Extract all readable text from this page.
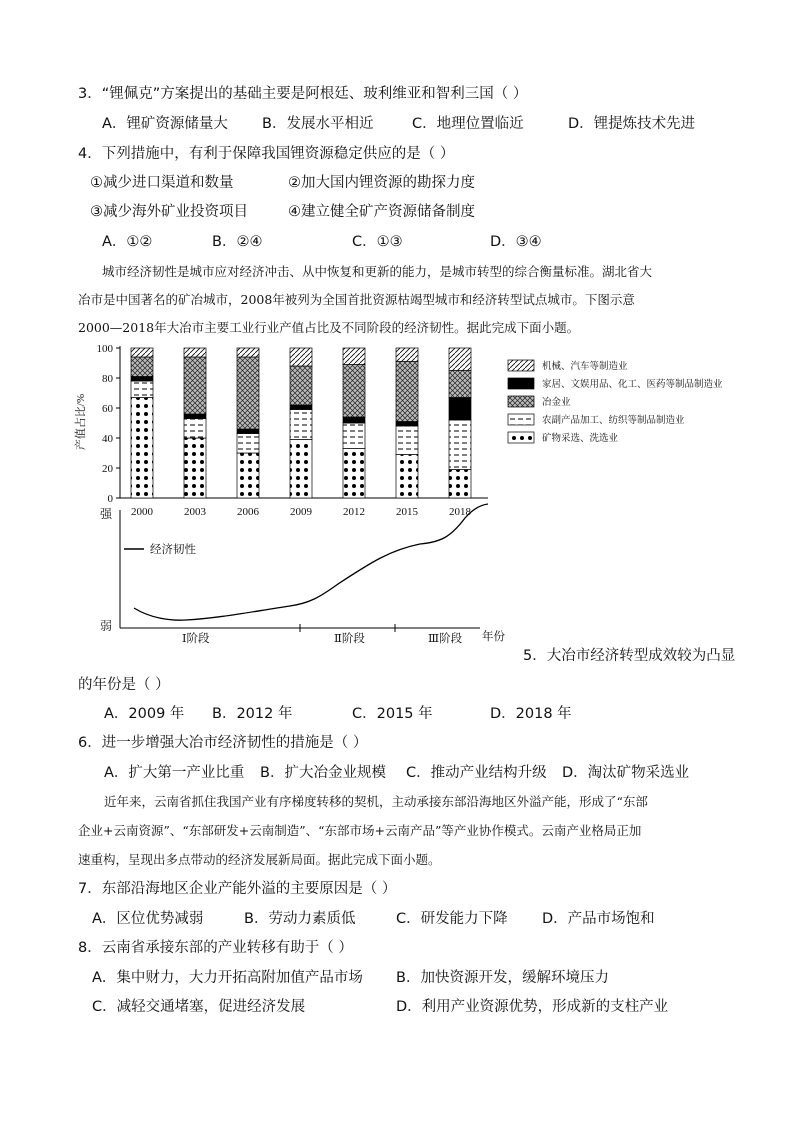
3．“锂佩克”方案提出的基础主要是阿根廷、玻利维亚和智利三国（ ）
A．锂矿资源储量大 B．发展水平相近	C．地理位置临近	D．锂提炼技术先进
4．下列措施中，有利于保障我国锂资源稳定供应的是（ ）
①减少进口渠道和数量	②加大国内锂资源的勘探力度
③减少海外矿业投资项目	④建立健全矿产资源储备制度
A．①②	B．②④	C．①③	D．③④
城市经济韧性是城市应对经济冲击、从中恢复和更新的能力，是城市转型的综合衡量标准。湖北省大
冶市是中国著名的矿冶城市，2008年被列为全国首批资源枯竭型城市和经济转型试点城市。下图示意
2000—2018年大冶市主要工业行业产值占比及不同阶段的经济韧性。据此完成下面小题。
0
20
40
60
80
100
产值占比/%
2000	2003	2006	2009	2012	2015	2018
机械、汽车等制造业
家居、文娱用品、化工、医药等制品制造业
冶金业
农副产品加工、纺织等制品制造业
矿物采选、洗选业
强
弱
经济韧性
Ⅰ阶段	Ⅱ阶段	Ⅲ阶段 年份
5．大冶市经济转型成效较为凸显
的年份是（ ）
A．2009 年 B．2012 年	C．2015 年	D．2018 年
6．进一步增强大冶市经济韧性的措施是（ ）
A．扩大第一产业比重 B．扩大冶金业规模 C．推动产业结构升级 D．淘汰矿物采选业
近年来，云南省抓住我国产业有序梯度转移的契机，主动承接东部沿海地区外溢产能，形成了“东部
企业+云南资源”、“东部研发+云南制造”、“东部市场+云南产品”等产业协作模式。云南产业格局正加
速重构，呈现出多点带动的经济发展新局面。据此完成下面小题。
7．东部沿海地区企业产能外溢的主要原因是（ ）
A．区位优势减弱	B．劳动力素质低	C．研发能力下降 D．产品市场饱和
8．云南省承接东部的产业转移有助于（ ）
A．集中财力，大力开拓高附加值产品市场 B．加快资源开发，缓解环境压力
C．减轻交通堵塞，促进经济发展	D．利用产业资源优势，形成新的支柱产业
